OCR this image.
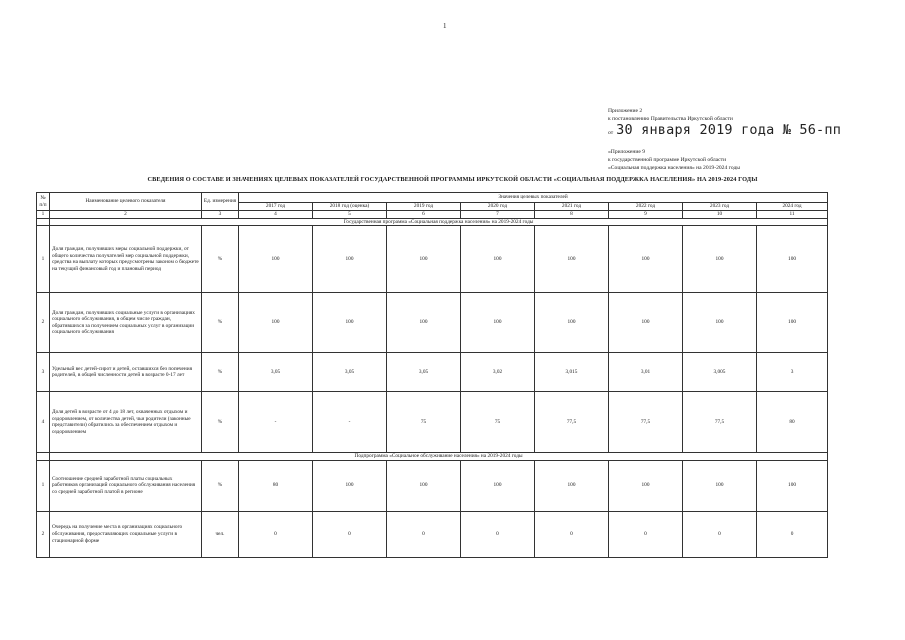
1
Приложение 2
к постановлению Правительства Иркутской области
от 30 января 2019 года № 56-пп
«Приложение 9
к государственной программе Иркутской области
«Социальная поддержка населения» на 2019-2024 годы
СВЕДЕНИЯ О СОСТАВЕ И ЗНАЧЕНИЯХ ЦЕЛЕВЫХ ПОКАЗАТЕЛЕЙ ГОСУДАРСТВЕННОЙ ПРОГРАММЫ ИРКУТСКОЙ ОБЛАСТИ «СОЦИАЛЬНАЯ ПОДДЕРЖКА НАСЕЛЕНИЯ» НА 2019-2024 ГОДЫ
№ п/п	Наименование целевого показателя	Ед. измерения	Значения целевых показателей							
			2017 год	2018 год (оценка)	2019 год	2020 год	2021 год	2022 год	2023 год	2024 год
1	2	3	4	5	6	7	8	9	10	11
	Государственная программа «Социальная поддержка населения» на 2019-2024 годы									
1	Доля граждан, получивших меры социальной поддержки, от общего количества получателей мер социальной поддержки, средства на выплату которых предусмотрены законом о бюджете на текущий финансовый год и плановый период	%	100	100	100	100	100	100	100	100
2	Доля граждан, получивших социальные услуги в организациях социального обслуживания, в общем числе граждан, обратившихся за получением социальных услуг в организации социального обслуживания	%	100	100	100	100	100	100	100	100
3	Удельный вес детей-сирот и детей, оставшихся без попечения родителей, в общей численности детей в возрасте 0-17 лет	%	3,05	3,05	3,05	3,02	3,015	3,01	3,005	3
4	Доля детей в возрасте от 4 до 18 лет, охваченных отдыхом и оздоровлением, от количества детей, чьи родители (законные представители) обратились за обеспечением отдыхом и оздоровлением	%	-	-	75	75	77,5	77,5	77,5	80
	Подпрограмма «Социальное обслуживание населения» на 2019-2024 годы									
1	Соотношение средней заработной платы социальных работников организаций социального обслуживания населения со средней заработной платой в регионе	%	80	100	100	100	100	100	100	100
2	Очередь на получение места в организациях социального обслуживания, предоставляющих социальные услуги в стационарной форме	чел.	0	0	0	0	0	0	0	0
